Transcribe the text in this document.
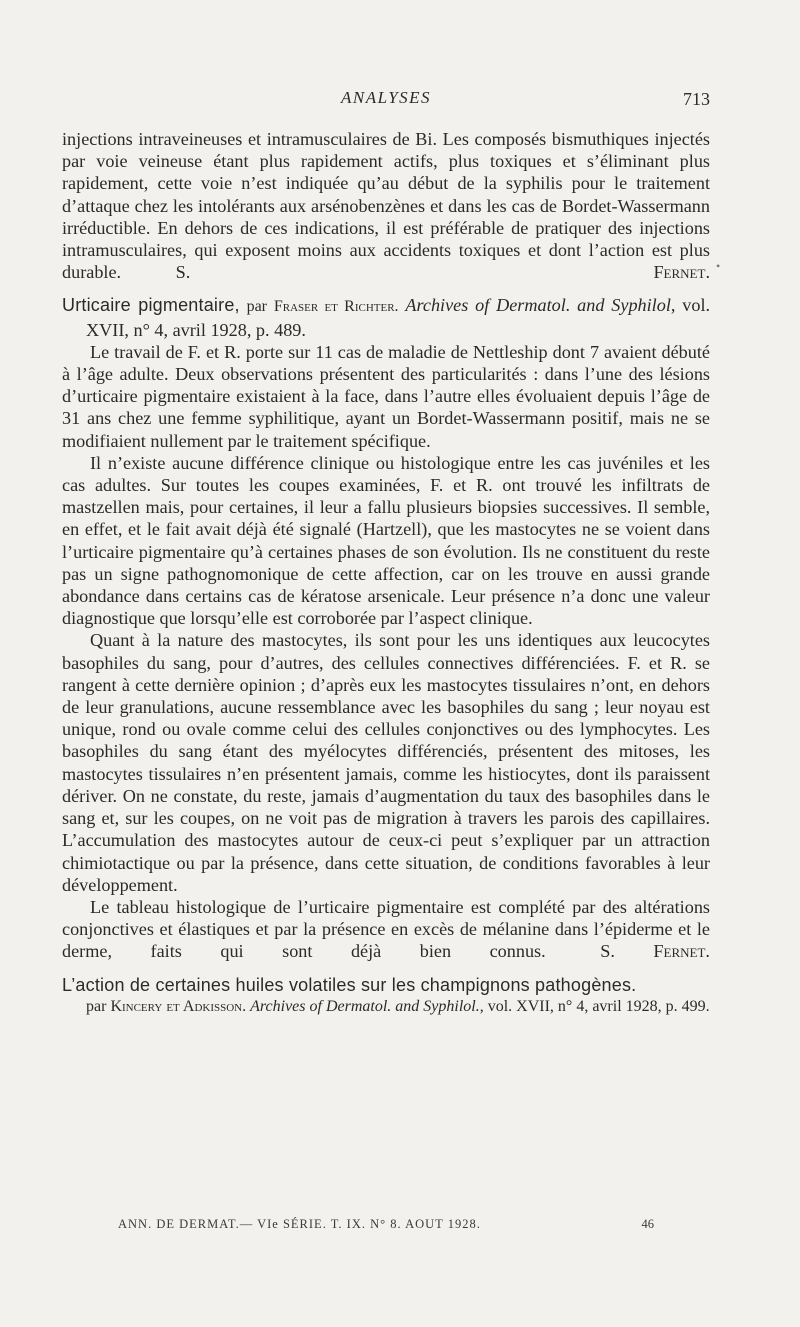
ANALYSES	713
•

injections intraveineuses et intramusculaires de Bi. Les composés bismuthiques injectés par voie veineuse étant plus rapidement actifs, plus toxiques et s’éliminant plus rapidement, cette voie n’est indiquée qu’au début de la syphilis pour le traitement d’attaque chez les intolérants aux arsénobenzènes et dans les cas de Bordet-Wassermann irréductible. En dehors de ces indications, il est préférable de pratiquer des injections intramusculaires, qui exposent moins aux accidents toxiques et dont l’action est plus durable.   	S. Fernet.

Urticaire pigmentaire, par Fraser et Richter. Archives of Dermatol. and Syphilol, vol. XVII, n° 4, avril 1928, p. 489.

Le travail de F. et R. porte sur 11 cas de maladie de Nettleship dont 7 avaient débuté à l’âge adulte. Deux observations présentent des particularités : dans l’une des lésions d’urticaire pigmentaire existaient à la face, dans l’autre elles évoluaient depuis l’âge de 31 ans chez une femme syphilitique, ayant un Bordet-Wassermann positif, mais ne se modifiaient nullement par le traitement spécifique.

Il n’existe aucune différence clinique ou histologique entre les cas juvéniles et les cas adultes. Sur toutes les coupes examinées, F. et R. ont trouvé les infiltrats de mastzellen mais, pour certaines, il leur a fallu plusieurs biopsies successives. Il semble, en effet, et le fait avait déjà été signalé (Hartzell), que les mastocytes ne se voient dans l’urticaire pigmentaire qu’à certaines phases de son évolution. Ils ne constituent du reste pas un signe pathognomonique de cette affection, car on les trouve en aussi grande abondance dans certains cas de kératose arsenicale. Leur présence n’a donc une valeur diagnostique que lorsqu’elle est corroborée par l’aspect clinique.

Quant à la nature des mastocytes, ils sont pour les uns identiques aux leucocytes basophiles du sang, pour d’autres, des cellules connectives différenciées. F. et R. se rangent à cette dernière opinion ; d’après eux les mastocytes tissulaires n’ont, en dehors de leur granulations, aucune ressemblance avec les basophiles du sang ; leur noyau est unique, rond ou ovale comme celui des cellules conjonctives ou des lymphocytes. Les basophiles du sang étant des myélocytes différenciés, présentent des mitoses, les mastocytes tissulaires n’en présentent jamais, comme les histiocytes, dont ils paraissent dériver. On ne constate, du reste, jamais d’augmentation du taux des basophiles dans le sang et, sur les coupes, on ne voit pas de migration à travers les parois des capillaires. L’accumulation des mastocytes autour de ceux-ci peut s’expliquer par un attraction chimiotactique ou par la présence, dans cette situation, de conditions favorables à leur développement.

Le tableau histologique de l’urticaire pigmentaire est complété par des altérations conjonctives et élastiques et par la présence en excès de mélanine dans l’épiderme et le derme, faits qui sont déjà bien connus.   	S. Fernet.

L’action de certaines huiles volatiles sur les champignons pathogènes.

par Kincery et Adkisson. Archives of Dermatol. and Syphilol., vol. XVII, n° 4, avril 1928, p. 499.

ANN. DE DERMAT.— VIe SÉRIE. T. IX. N° 8. AOUT 1928.	46
